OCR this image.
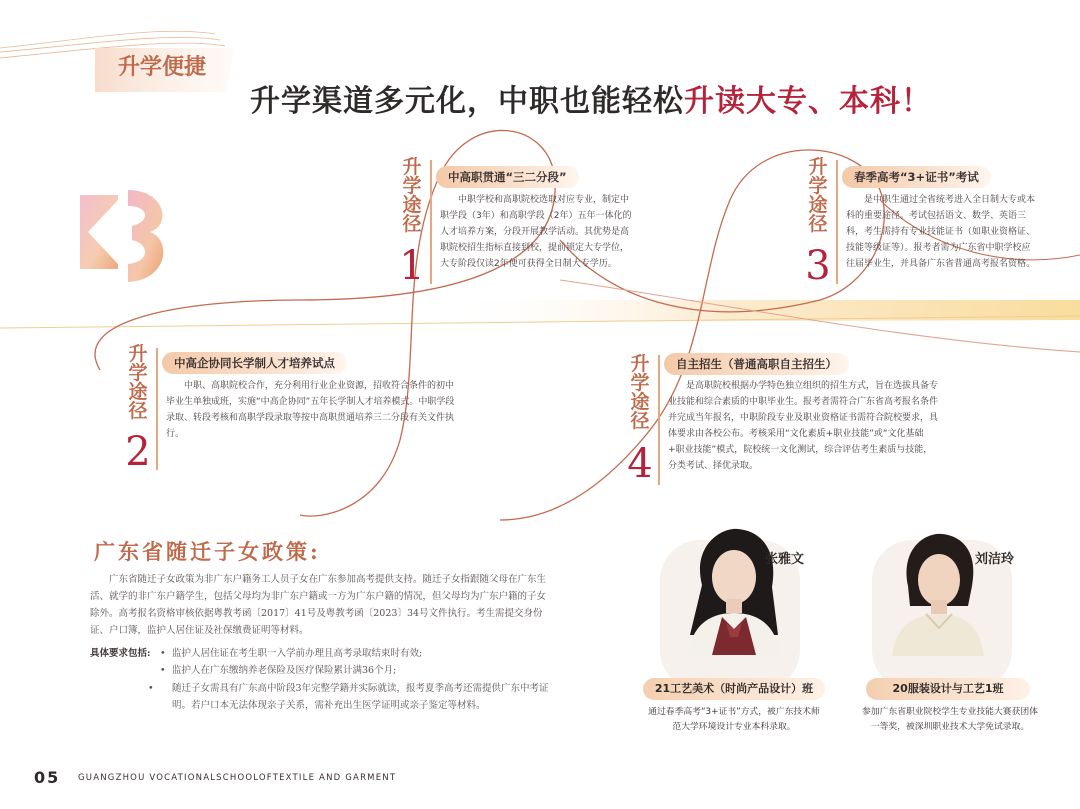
升学便捷
升学渠道多元化，中职也能轻松升读大专、本科！
升学途径
1
中高职贯通“三二分段”
中职学校和高职院校选取对应专业，制定中职学段（3年）和高职学段（2年）五年一体化的人才培养方案，分段开展教学活动。其优势是高职院校招生指标直接到校，提前锁定大专学位，大专阶段仅读2年便可获得全日制大专学历。
升学途径
3
春季高考“3+证书”考试
是中职生通过全省统考进入全日制大专或本科的重要途径。考试包括语文、数学、英语三科，考生需持有专业技能证书（如职业资格证、技能等级证等）。报考者需为广东省中职学校应往届毕业生，并具备广东省普通高考报名资格。
升学途径
2
中高企协同长学制人才培养试点
中职、高职院校合作，充分利用行业企业资源，招收符合条件的初中毕业生单独成班，实施“中高企协同”五年长学制人才培养模式。中职学段录取、转段考核和高职学段录取等按中高职贯通培养三二分段有关文件执行。
升学途径
4
自主招生（普通高职自主招生）
是高职院校根据办学特色独立组织的招生方式，旨在选拔具备专业技能和综合素质的中职毕业生。报考者需符合广东省高考报名条件并完成当年报名，中职阶段专业及职业资格证书需符合院校要求，具体要求由各校公布。考核采用“文化素质+职业技能”或“文化基础+职业技能”模式，院校统一文化测试，综合评估考生素质与技能，分类考试、择优录取。
广东省随迁子女政策:
广东省随迁子女政策为非广东户籍务工人员子女在广东参加高考提供支持。随迁子女指跟随父母在广东生活、就学的非广东户籍学生，包括父母均为非广东户籍或一方为广东户籍的情况，但父母均为广东户籍的子女除外。高考报名资格审核依据粤教考函〔2017〕41号及粤教考函〔2023〕34号文件执行。考生需提交身份证、户口簿，监护人居住证及社保缴费证明等材料。
具体要求包括: • 监护人居住证在考生职一入学前办理且高考录取结束时有效;
• 监护人在广东缴纳养老保险及医疗保险累计满36个月;
• 随迁子女需具有广东高中阶段3年完整学籍并实际就读，报考夏季高考还需提供广东中考证明。若户口本无法体现亲子关系，需补充出生医学证明或亲子鉴定等材料。
张雅文
21工艺美术（时尚产品设计）班
通过春季高考“3+证书”方式，被广东技术师范大学环境设计专业本科录取。
刘洁玲
20服装设计与工艺1班
参加广东省职业院校学生专业技能大赛获团体一等奖，被深圳职业技术大学免试录取。
05 GUANGZHOU VOCATIONALSCHOOLOFTEXTILE AND GARMENT
